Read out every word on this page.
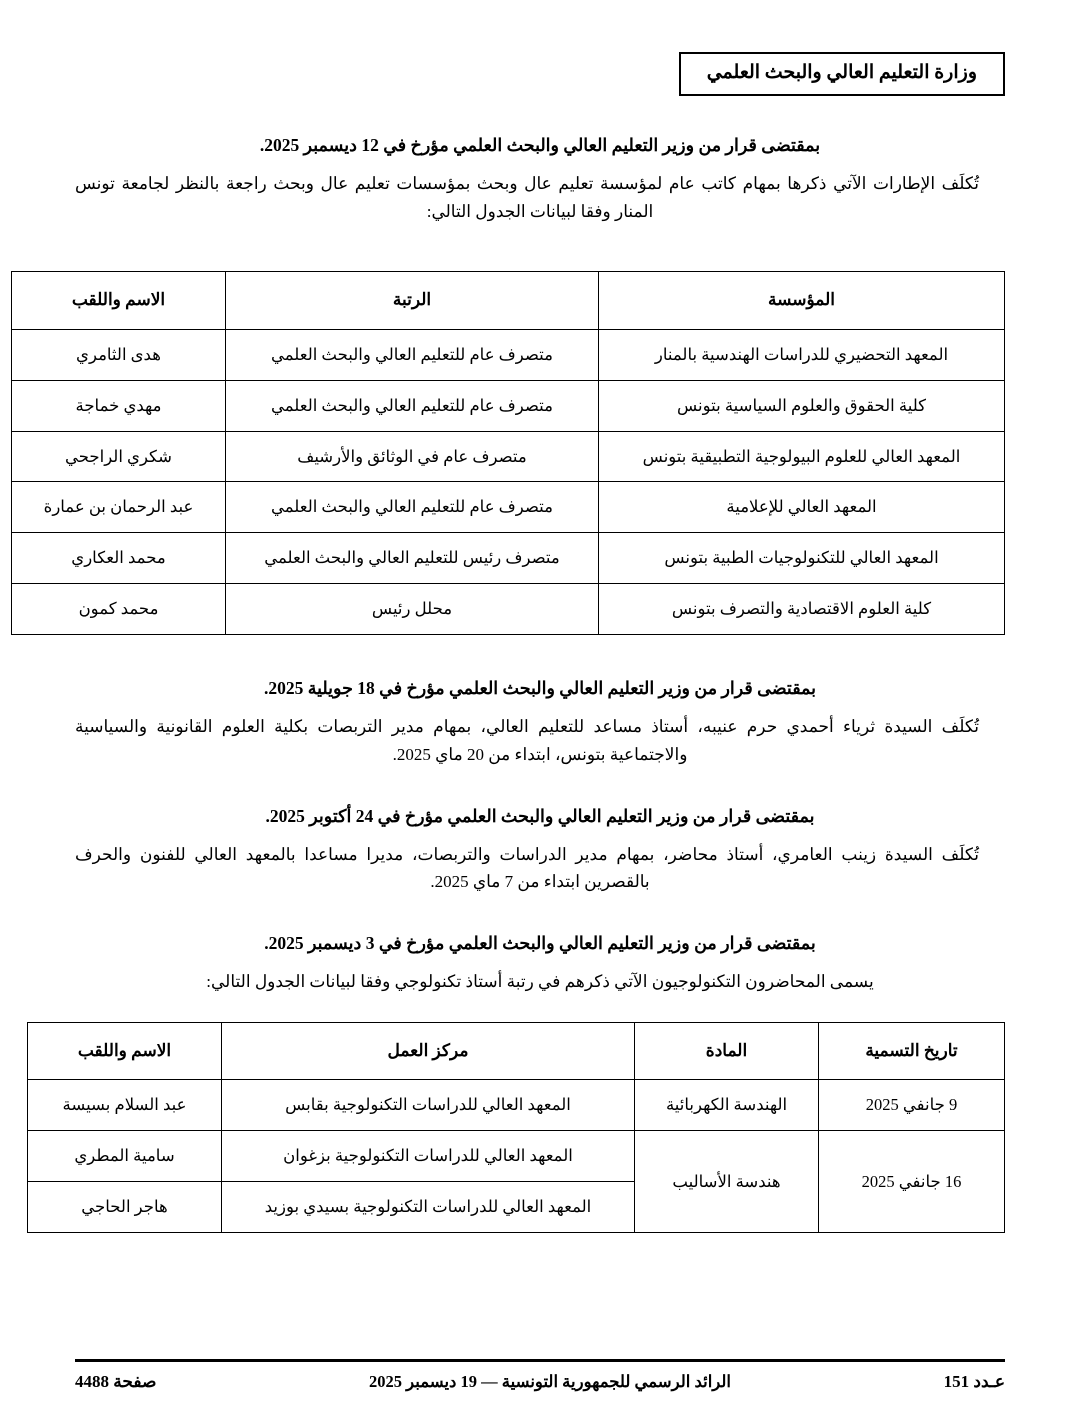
وزارة التعليم العالي والبحث العلمي

بمقتضى قرار من وزير التعليم العالي والبحث العلمي مؤرخ في 12 ديسمبر 2025.

تُكلَف الإطارات الآتي ذكرها بمهام كاتب عام لمؤسسة تعليم عال وبحث بمؤسسات تعليم عال وبحث راجعة بالنظر لجامعة تونس المنار وفقا لبيانات الجدول التالي:

المؤسسة	الرتبة	الاسم واللقب
المعهد التحضيري للدراسات الهندسية بالمنار	متصرف عام للتعليم العالي والبحث العلمي	هدى الثامري
كلية الحقوق والعلوم السياسية بتونس	متصرف عام للتعليم العالي والبحث العلمي	مهدي خماجة
المعهد العالي للعلوم البيولوجية التطبيقية بتونس	متصرف عام في الوثائق والأرشيف	شكري الراجحي
المعهد العالي للإعلامية	متصرف عام للتعليم العالي والبحث العلمي	عبد الرحمان بن عمارة
المعهد العالي للتكنولوجيات الطبية بتونس	متصرف رئيس للتعليم العالي والبحث العلمي	محمد العكاري
كلية العلوم الاقتصادية والتصرف بتونس	محلل رئيس	محمد كمون

بمقتضى قرار من وزير التعليم العالي والبحث العلمي مؤرخ في 18 جويلية 2025.

تُكلَف السيدة ثرياء أحمدي حرم عنيبه، أستاذ مساعد للتعليم العالي، بمهام مدير التربصات بكلية العلوم القانونية والسياسية والاجتماعية بتونس، ابتداء من 20 ماي 2025.

بمقتضى قرار من وزير التعليم العالي والبحث العلمي مؤرخ في 24 أكتوبر 2025.

تُكلَف السيدة زينب العامري، أستاذ محاضر، بمهام مدير الدراسات والتربصات، مديرا مساعدا بالمعهد العالي للفنون والحرف بالقصرين ابتداء من 7 ماي 2025.

بمقتضى قرار من وزير التعليم العالي والبحث العلمي مؤرخ في 3 ديسمبر 2025.

يسمى المحاضرون التكنولوجيون الآتي ذكرهم في رتبة أستاذ تكنولوجي وفقا لبيانات الجدول التالي:

تاريخ التسمية	المادة	مركز العمل	الاسم واللقب
9 جانفي 2025	الهندسة الكهربائية	المعهد العالي للدراسات التكنولوجية بقابس	عبد السلام بسيسة
16 جانفي 2025	هندسة الأساليب	المعهد العالي للدراسات التكنولوجية بزغوان	سامية المطري
		المعهد العالي للدراسات التكنولوجية بسيدي بوزيد	هاجر الحاجي
عـدد 151
الرائد الرسمي للجمهورية التونسية — 19 ديسمبر 2025
صفحة 4488
